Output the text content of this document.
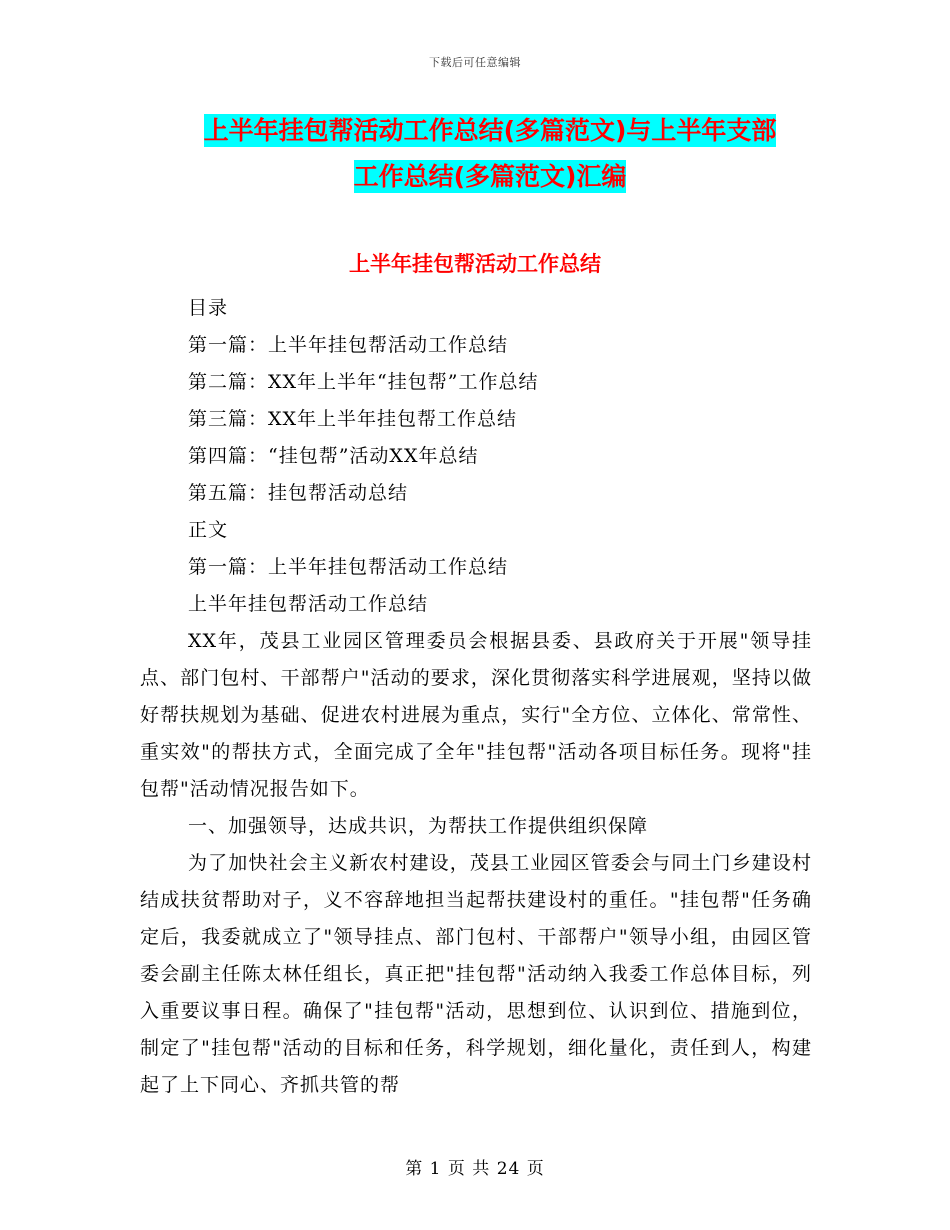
下载后可任意编辑
上半年挂包帮活动工作总结(多篇范文)与上半年支部
工作总结(多篇范文)汇编
上半年挂包帮活动工作总结

目录

第一篇：上半年挂包帮活动工作总结

第二篇：XX年上半年“挂包帮”工作总结

第三篇：XX年上半年挂包帮工作总结

第四篇：“挂包帮”活动XX年总结

第五篇：挂包帮活动总结

正文

第一篇：上半年挂包帮活动工作总结

上半年挂包帮活动工作总结

XX年，茂县工业园区管理委员会根据县委、县政府关于开展"领导挂点、部门包村、干部帮户"活动的要求，深化贯彻落实科学进展观，坚持以做好帮扶规划为基础、促进农村进展为重点，实行"全方位、立体化、常常性、重实效"的帮扶方式，全面完成了全年"挂包帮"活动各项目标任务。现将"挂包帮"活动情况报告如下。

一、加强领导，达成共识，为帮扶工作提供组织保障

为了加快社会主义新农村建设，茂县工业园区管委会与同土门乡建设村结成扶贫帮助对子，义不容辞地担当起帮扶建设村的重任。"挂包帮"任务确定后，我委就成立了"领导挂点、部门包村、干部帮户"领导小组，由园区管委会副主任陈太林任组长，真正把"挂包帮"活动纳入我委工作总体目标，列入重要议事日程。确保了"挂包帮"活动，思想到位、认识到位、措施到位，制定了"挂包帮"活动的目标和任务，科学规划，细化量化，责任到人，构建起了上下同心、齐抓共管的帮

第 1 页 共 24 页
